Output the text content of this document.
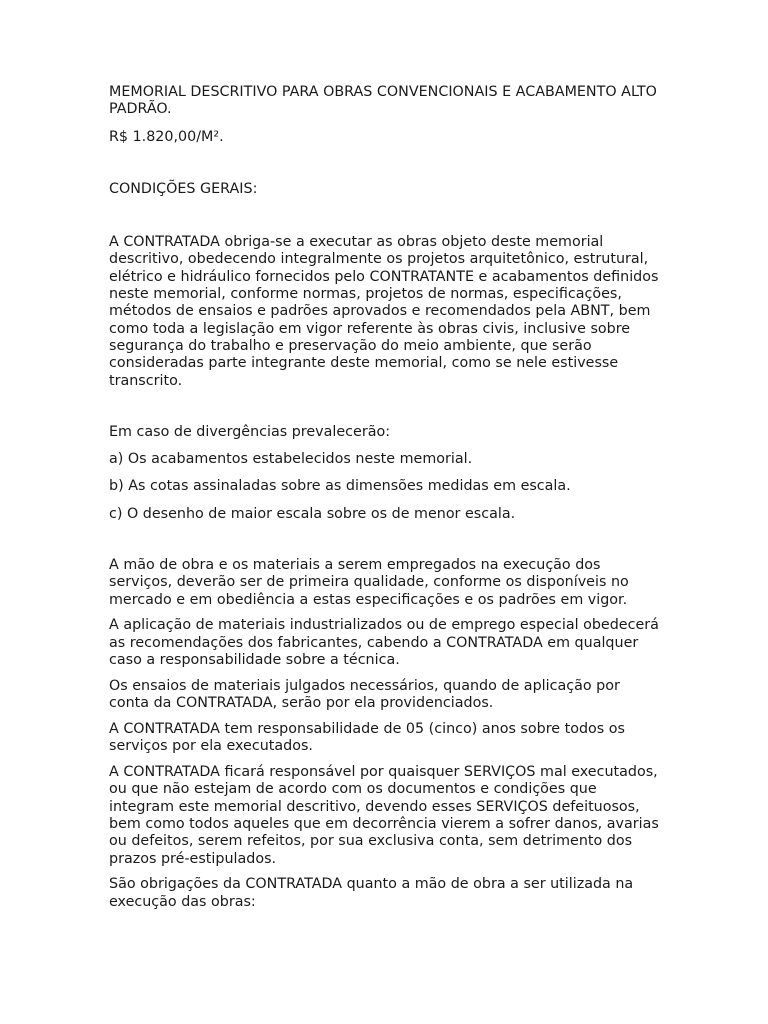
MEMORIAL DESCRITIVO PARA OBRAS CONVENCIONAIS E ACABAMENTO ALTO
PADRÃO.

R$ 1.820,00/M².

CONDIÇÕES GERAIS:

A CONTRATADA obriga-se a executar as obras objeto deste memorial
descritivo, obedecendo integralmente os projetos arquitetônico, estrutural,
elétrico e hidráulico fornecidos pelo CONTRATANTE e acabamentos definidos
neste memorial, conforme normas, projetos de normas, especificações,
métodos de ensaios e padrões aprovados e recomendados pela ABNT, bem
como toda a legislação em vigor referente às obras civis, inclusive sobre
segurança do trabalho e preservação do meio ambiente, que serão
consideradas parte integrante deste memorial, como se nele estivesse
transcrito.

Em caso de divergências prevalecerão:

a) Os acabamentos estabelecidos neste memorial.

b) As cotas assinaladas sobre as dimensões medidas em escala.

c) O desenho de maior escala sobre os de menor escala.

A mão de obra e os materiais a serem empregados na execução dos
serviços, deverão ser de primeira qualidade, conforme os disponíveis no
mercado e em obediência a estas especificações e os padrões em vigor.

A aplicação de materiais industrializados ou de emprego especial obedecerá
as recomendações dos fabricantes, cabendo a CONTRATADA em qualquer
caso a responsabilidade sobre a técnica.

Os ensaios de materiais julgados necessários, quando de aplicação por
conta da CONTRATADA, serão por ela providenciados.

A CONTRATADA tem responsabilidade de 05 (cinco) anos sobre todos os
serviços por ela executados.

A CONTRATADA ficará responsável por quaisquer SERVIÇOS mal executados,
ou que não estejam de acordo com os documentos e condições que
integram este memorial descritivo, devendo esses SERVIÇOS defeituosos,
bem como todos aqueles que em decorrência vierem a sofrer danos, avarias
ou defeitos, serem refeitos, por sua exclusiva conta, sem detrimento dos
prazos pré-estipulados.

São obrigações da CONTRATADA quanto a mão de obra a ser utilizada na
execução das obras:
